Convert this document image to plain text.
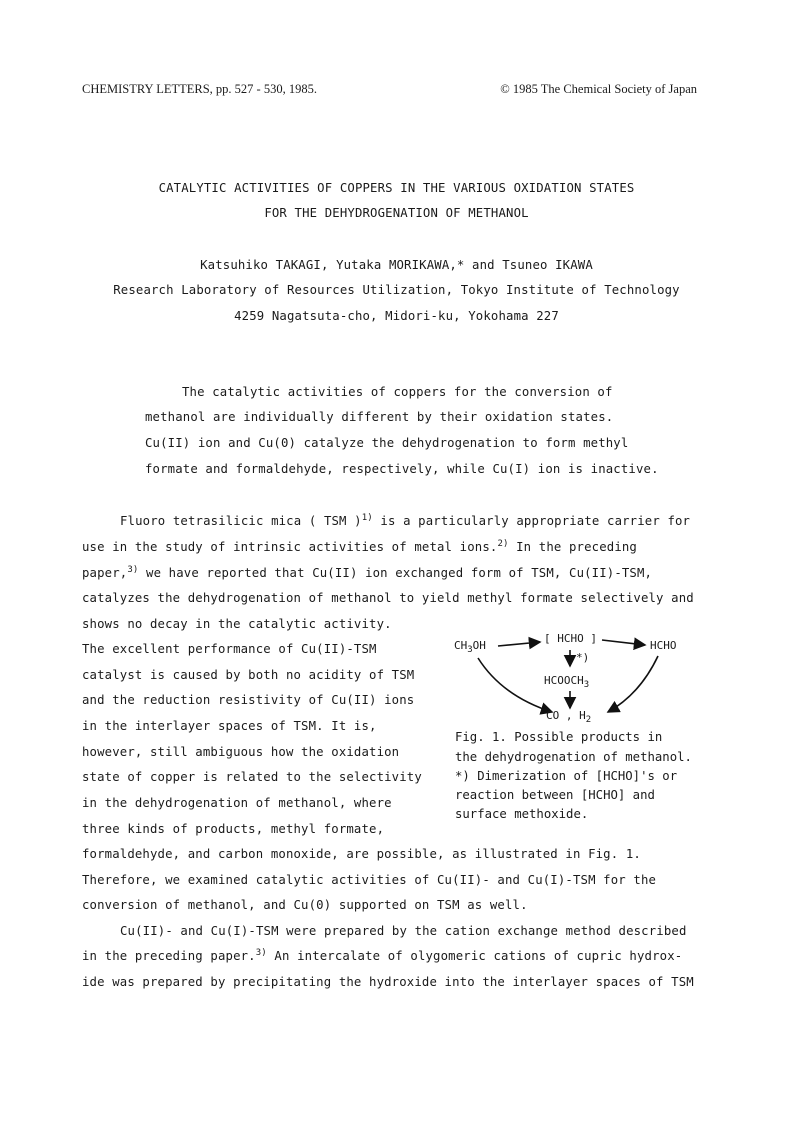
CHEMISTRY LETTERS, pp. 527 - 530, 1985.	© 1985 The Chemical Society of Japan
CATALYTIC ACTIVITIES OF COPPERS IN THE VARIOUS OXIDATION STATES
FOR THE DEHYDROGENATION OF METHANOL
Katsuhiko TAKAGI, Yutaka MORIKAWA,* and Tsuneo IKAWA
Research Laboratory of Resources Utilization, Tokyo Institute of Technology
4259 Nagatsuta-cho, Midori-ku, Yokohama 227
The catalytic activities of coppers for the conversion of
methanol are individually different by their oxidation states.
Cu(II) ion and Cu(0) catalyze the dehydrogenation to form methyl
formate and formaldehyde, respectively, while Cu(I) ion is inactive.
Fluoro tetrasilicic mica ( TSM )$^{1)}$ is a particularly appropriate carrier for
use in the study of intrinsic activities of metal ions.$^{2)}$ In the preceding
paper,$^{3)}$ we have reported that Cu(II) ion exchanged form of TSM, Cu(II)-TSM,
catalyzes the dehydrogenation of methanol to yield methyl formate selectively and
shows no decay in the catalytic activity.
The excellent performance of Cu(II)-TSM
catalyst is caused by both no acidity of TSM
and the reduction resistivity of Cu(II) ions
in the interlayer spaces of TSM. It is,
however, still ambiguous how the oxidation
state of copper is related to the selectivity
in the dehydrogenation of methanol, where
three kinds of products, methyl formate,
$CH_3OH$
[ HCHO ]
HCHO
*)
$HCOOCH_3$
CO , $H_2$
Fig. 1. Possible products in
the dehydrogenation of methanol.
*) Dimerization of [HCHO]'s or
reaction between [HCHO] and
surface methoxide.
formaldehyde, and carbon monoxide, are possible, as illustrated in Fig. 1.
Therefore, we examined catalytic activities of Cu(II)- and Cu(I)-TSM for the
conversion of methanol, and Cu(0) supported on TSM as well.
Cu(II)- and Cu(I)-TSM were prepared by the cation exchange method described
in the preceding paper.$^{3)}$ An intercalate of olygomeric cations of cupric hydrox-
ide was prepared by precipitating the hydroxide into the interlayer spaces of TSM
